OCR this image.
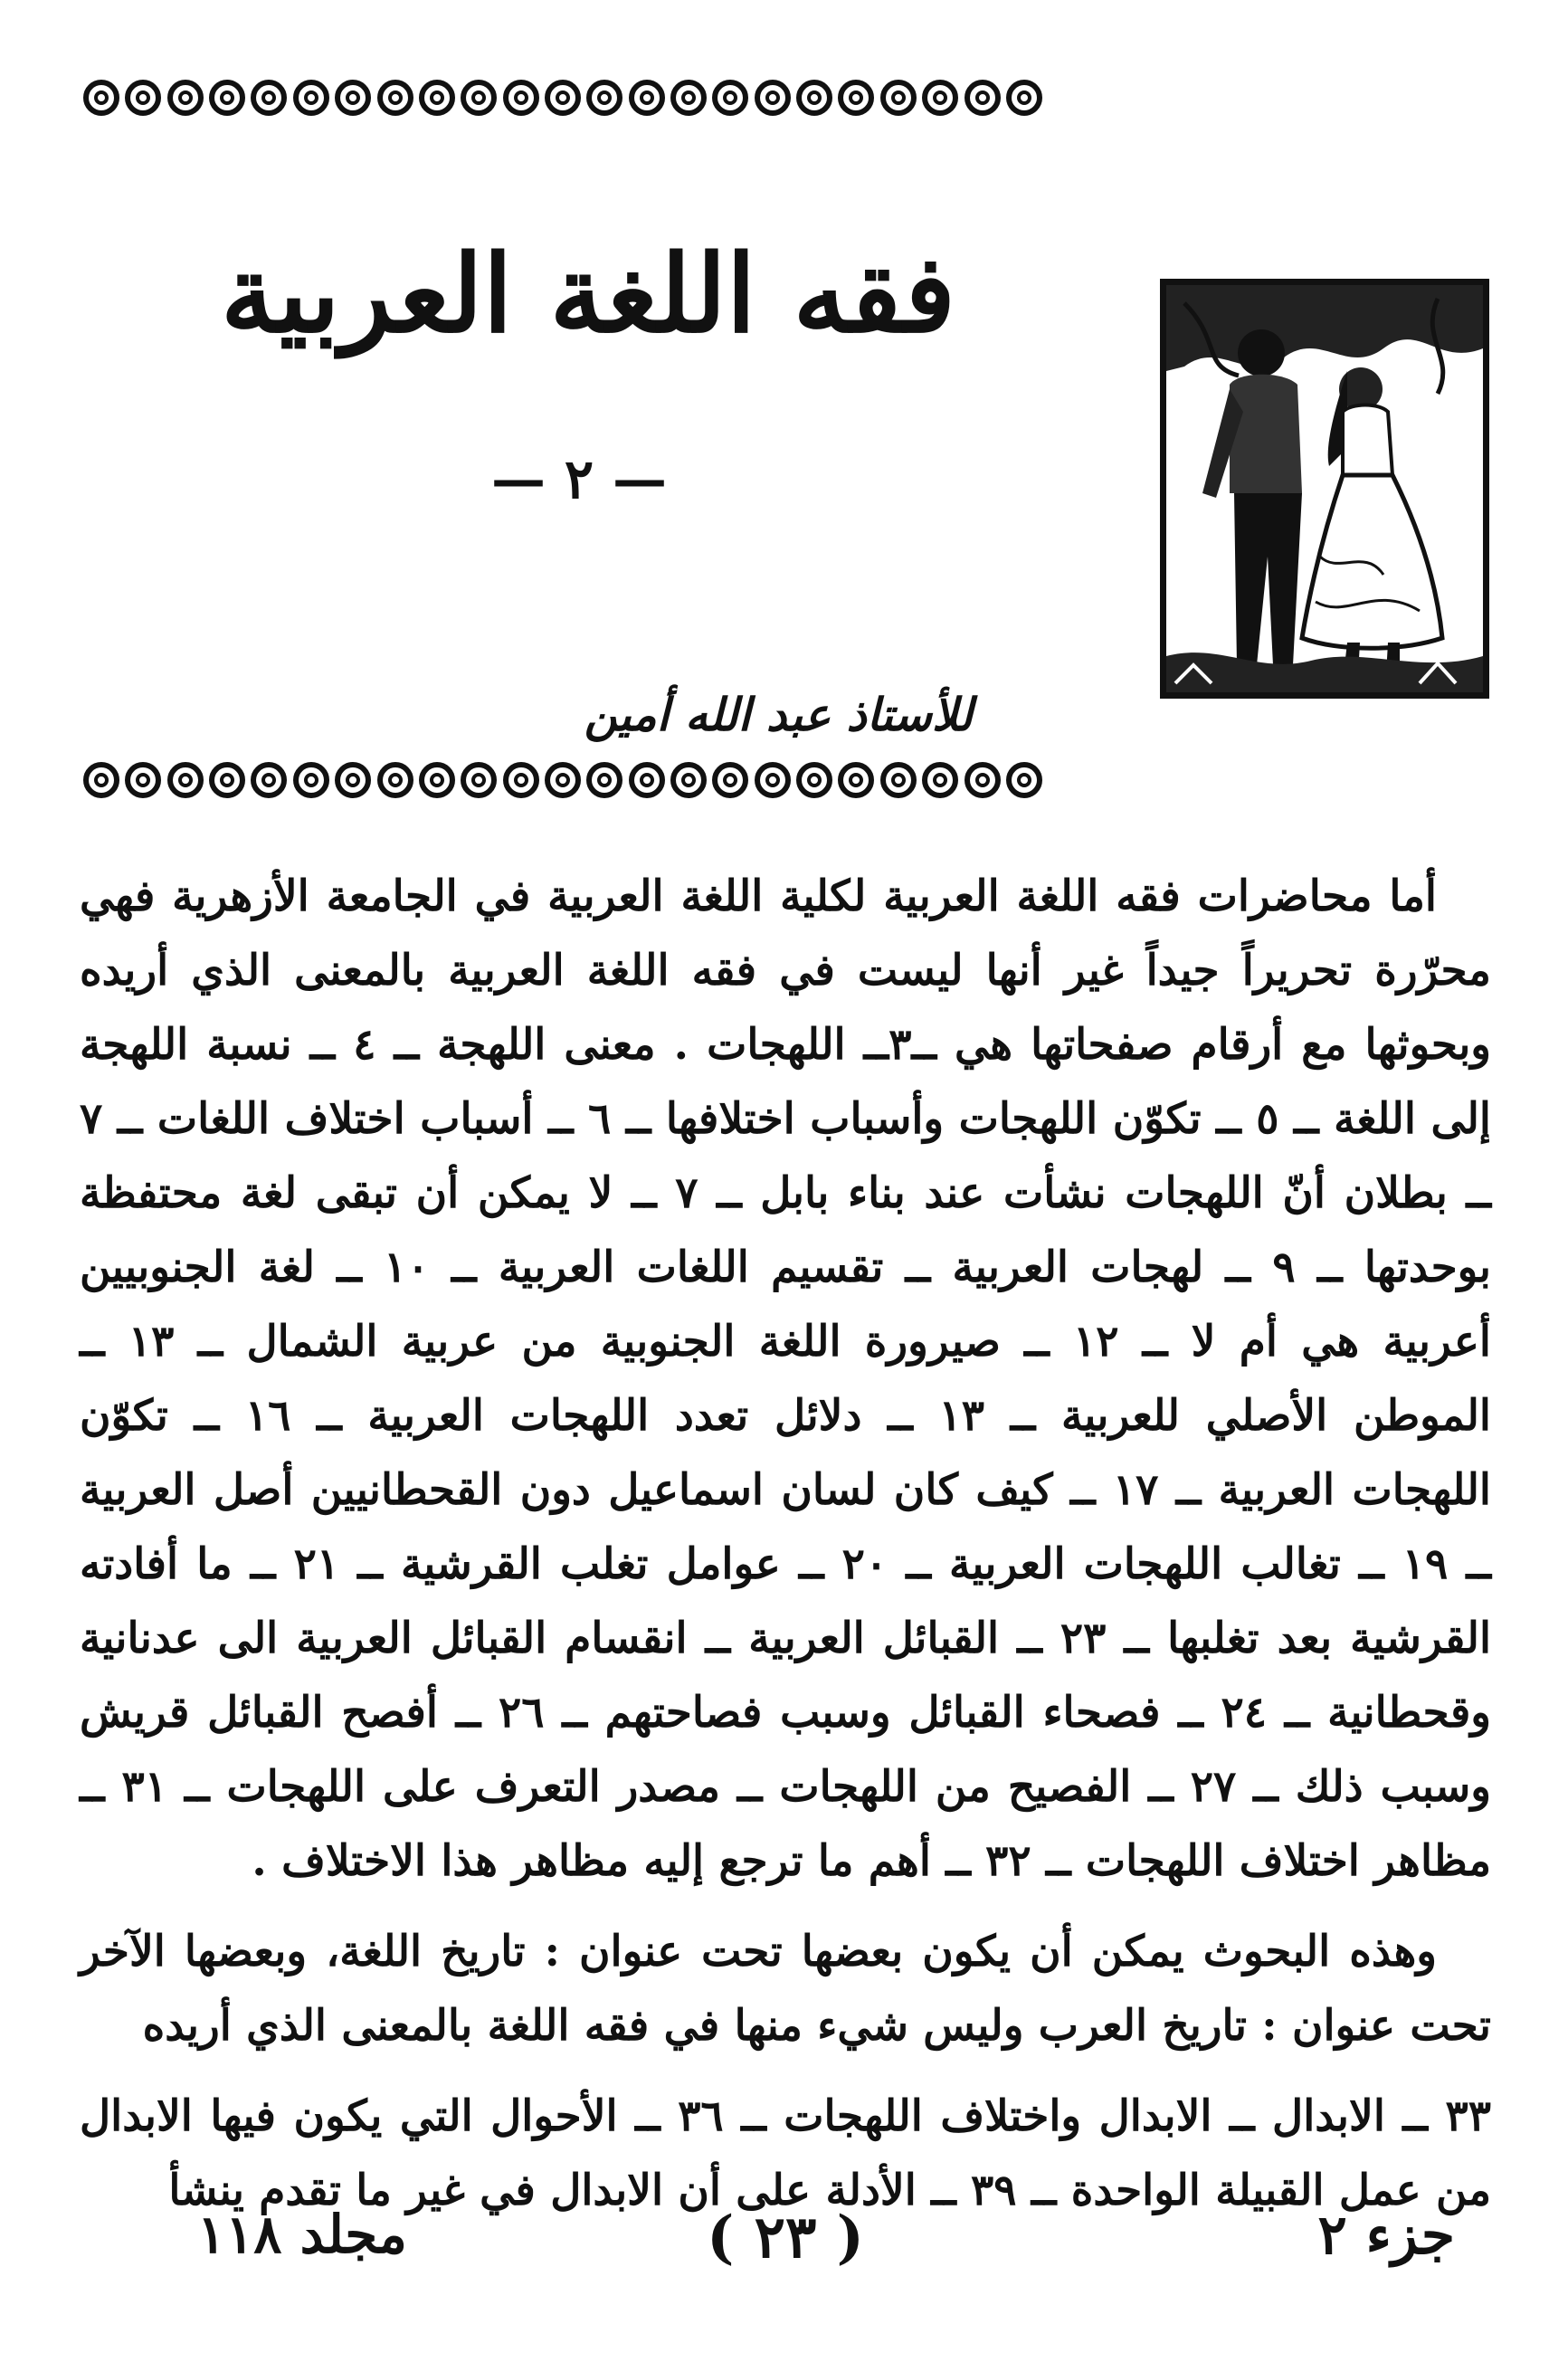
فقه اللغة العربية
— ٢ —
للأستاذ عبد الله أمين

أما محاضرات فقه اللغة العربية لكلية اللغة العربية في الجامعة الأزهرية فهي محرّرة تحريراً جيداً غير أنها ليست في فقه اللغة العربية بالمعنى الذي أريده وبحوثها مع أرقام صفحاتها هي ــ٣ــ اللهجات . معنى اللهجة ــ ٤ ــ نسبة اللهجة إلى اللغة ــ ٥ ــ تكوّن اللهجات وأسباب اختلافها ــ ٦ ــ أسباب اختلاف اللغات ــ ٧ ــ بطلان أنّ اللهجات نشأت عند بناء بابل ــ ٧ ــ لا يمكن أن تبقى لغة محتفظة بوحدتها ــ ٩ ــ لهجات العربية ــ تقسيم اللغات العربية ــ ١٠ ــ لغة الجنوبيين أعربية هي أم لا ــ ١٢ ــ صيرورة اللغة الجنوبية من عربية الشمال ــ ١٣ ــ الموطن الأصلي للعربية ــ ١٣ ــ دلائل تعدد اللهجات العربية ــ ١٦ ــ تكوّن اللهجات العربية ــ ١٧ ــ كيف كان لسان اسماعيل دون القحطانيين أصل العربية ــ ١٩ ــ تغالب اللهجات العربية ــ ٢٠ ــ عوامل تغلب القرشية ــ ٢١ ــ ما أفادته القرشية بعد تغلبها ــ ٢٣ ــ القبائل العربية ــ انقسام القبائل العربية الى عدنانية وقحطانية ــ ٢٤ ــ فصحاء القبائل وسبب فصاحتهم ــ ٢٦ ــ أفصح القبائل قريش وسبب ذلك ــ ٢٧ ــ الفصيح من اللهجات ــ مصدر التعرف على اللهجات ــ ٣١ ــ مظاهر اختلاف اللهجات ــ ٣٢ ــ أهم ما ترجع إليه مظاهر هذا الاختلاف .

وهذه البحوث يمكن أن يكون بعضها تحت عنوان : تاريخ اللغة، وبعضها الآخر تحت عنوان : تاريخ العرب وليس شيء منها في فقه اللغة بالمعنى الذي أريده

٣٣ ــ الابدال ــ الابدال واختلاف اللهجات ــ ٣٦ ــ الأحوال التي يكون فيها الابدال من عمل القبيلة الواحدة ــ ٣٩ ــ الأدلة على أن الابدال في غير ما تقدم ينشأ

جزء ٢
( ٢٣ )
مجلد ١١٨
